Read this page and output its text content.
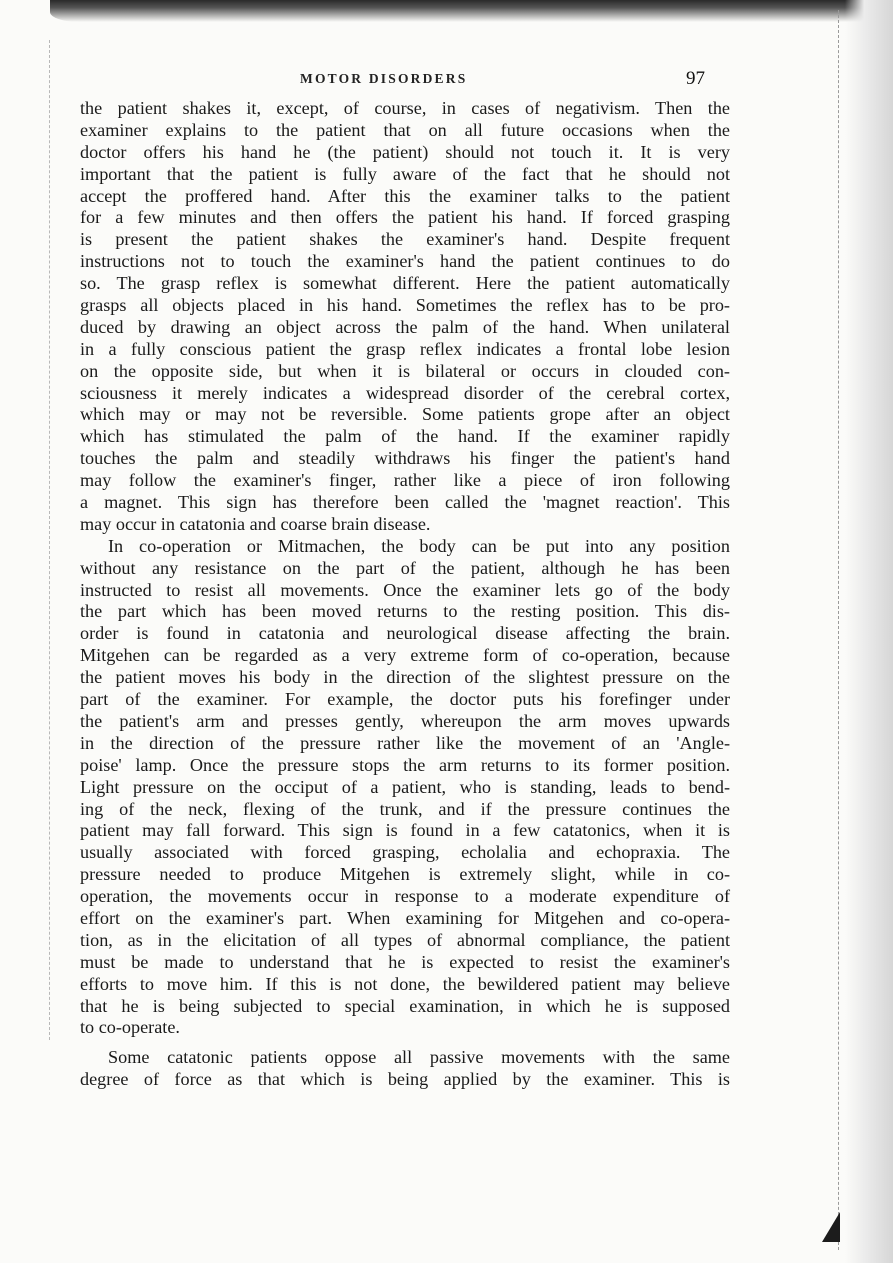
MOTOR DISORDERS	97
the patient shakes it, except, of course, in cases of negativism. Then the
examiner explains to the patient that on all future occasions when the
doctor offers his hand he (the patient) should not touch it. It is very
important that the patient is fully aware of the fact that he should not
accept the proffered hand. After this the examiner talks to the patient
for a few minutes and then offers the patient his hand. If forced grasping
is present the patient shakes the examiner's hand. Despite frequent
instructions not to touch the examiner's hand the patient continues to do
so. The grasp reflex is somewhat different. Here the patient automatically
grasps all objects placed in his hand. Sometimes the reflex has to be pro-
duced by drawing an object across the palm of the hand. When unilateral
in a fully conscious patient the grasp reflex indicates a frontal lobe lesion
on the opposite side, but when it is bilateral or occurs in clouded con-
sciousness it merely indicates a widespread disorder of the cerebral cortex,
which may or may not be reversible. Some patients grope after an object
which has stimulated the palm of the hand. If the examiner rapidly
touches the palm and steadily withdraws his finger the patient's hand
may follow the examiner's finger, rather like a piece of iron following
a magnet. This sign has therefore been called the 'magnet reaction'. This
may occur in catatonia and coarse brain disease.
In co-operation or Mitmachen, the body can be put into any position
without any resistance on the part of the patient, although he has been
instructed to resist all movements. Once the examiner lets go of the body
the part which has been moved returns to the resting position. This dis-
order is found in catatonia and neurological disease affecting the brain.
Mitgehen can be regarded as a very extreme form of co-operation, because
the patient moves his body in the direction of the slightest pressure on the
part of the examiner. For example, the doctor puts his forefinger under
the patient's arm and presses gently, whereupon the arm moves upwards
in the direction of the pressure rather like the movement of an 'Angle-
poise' lamp. Once the pressure stops the arm returns to its former position.
Light pressure on the occiput of a patient, who is standing, leads to bend-
ing of the neck, flexing of the trunk, and if the pressure continues the
patient may fall forward. This sign is found in a few catatonics, when it is
usually associated with forced grasping, echolalia and echopraxia. The
pressure needed to produce Mitgehen is extremely slight, while in co-
operation, the movements occur in response to a moderate expenditure of
effort on the examiner's part. When examining for Mitgehen and co-opera-
tion, as in the elicitation of all types of abnormal compliance, the patient
must be made to understand that he is expected to resist the examiner's
efforts to move him. If this is not done, the bewildered patient may believe
that he is being subjected to special examination, in which he is supposed
to co-operate.
Some catatonic patients oppose all passive movements with the same
degree of force as that which is being applied by the examiner. This is
